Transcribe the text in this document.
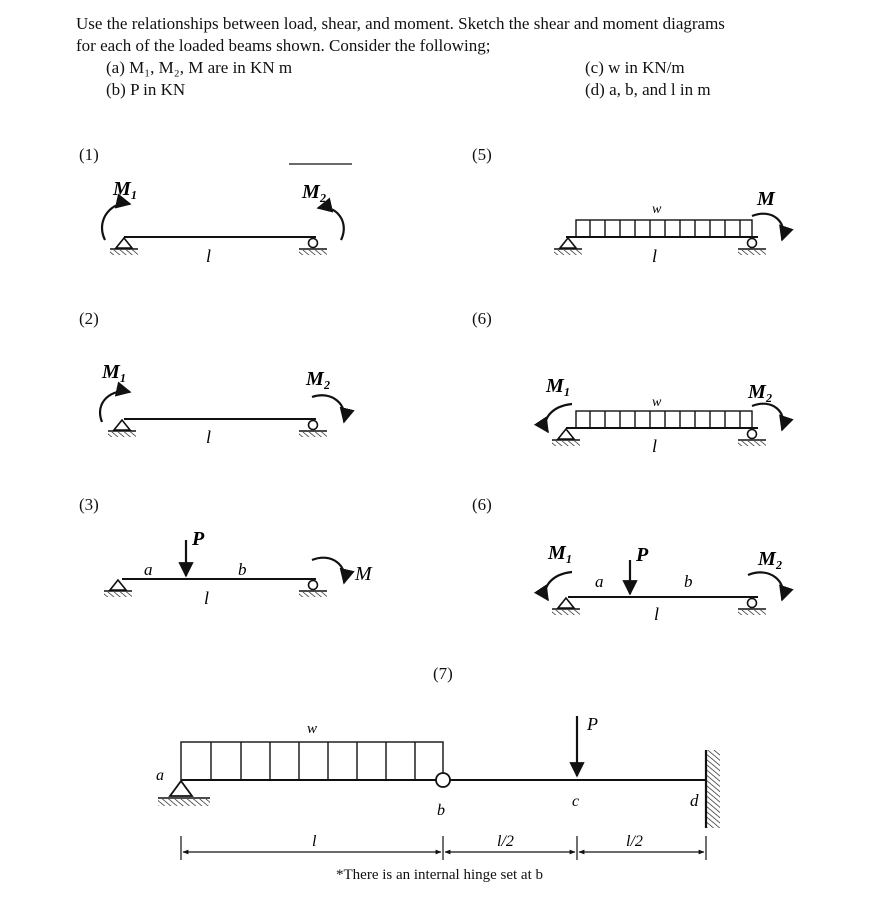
Use the relationships between load, shear, and moment. Sketch the shear and moment diagrams
for each of the loaded beams shown. Consider the following;
(a) M₁, M₂, M are in KN m
(b) P in KN
(c) w in KN/m
(d) a, b, and l in m
(1)
(2)
(3)
(5)
(6)
(6)
(7)
M₁	M₂
l
M₁	M₂
l
P
a	b	M
l
w	M
l
M₁
w	M₂
l
M₁	P
a	b
M₂
l
a
w	P
b
c	d
l	l/2	l/2
*There is an internal hinge set at b
